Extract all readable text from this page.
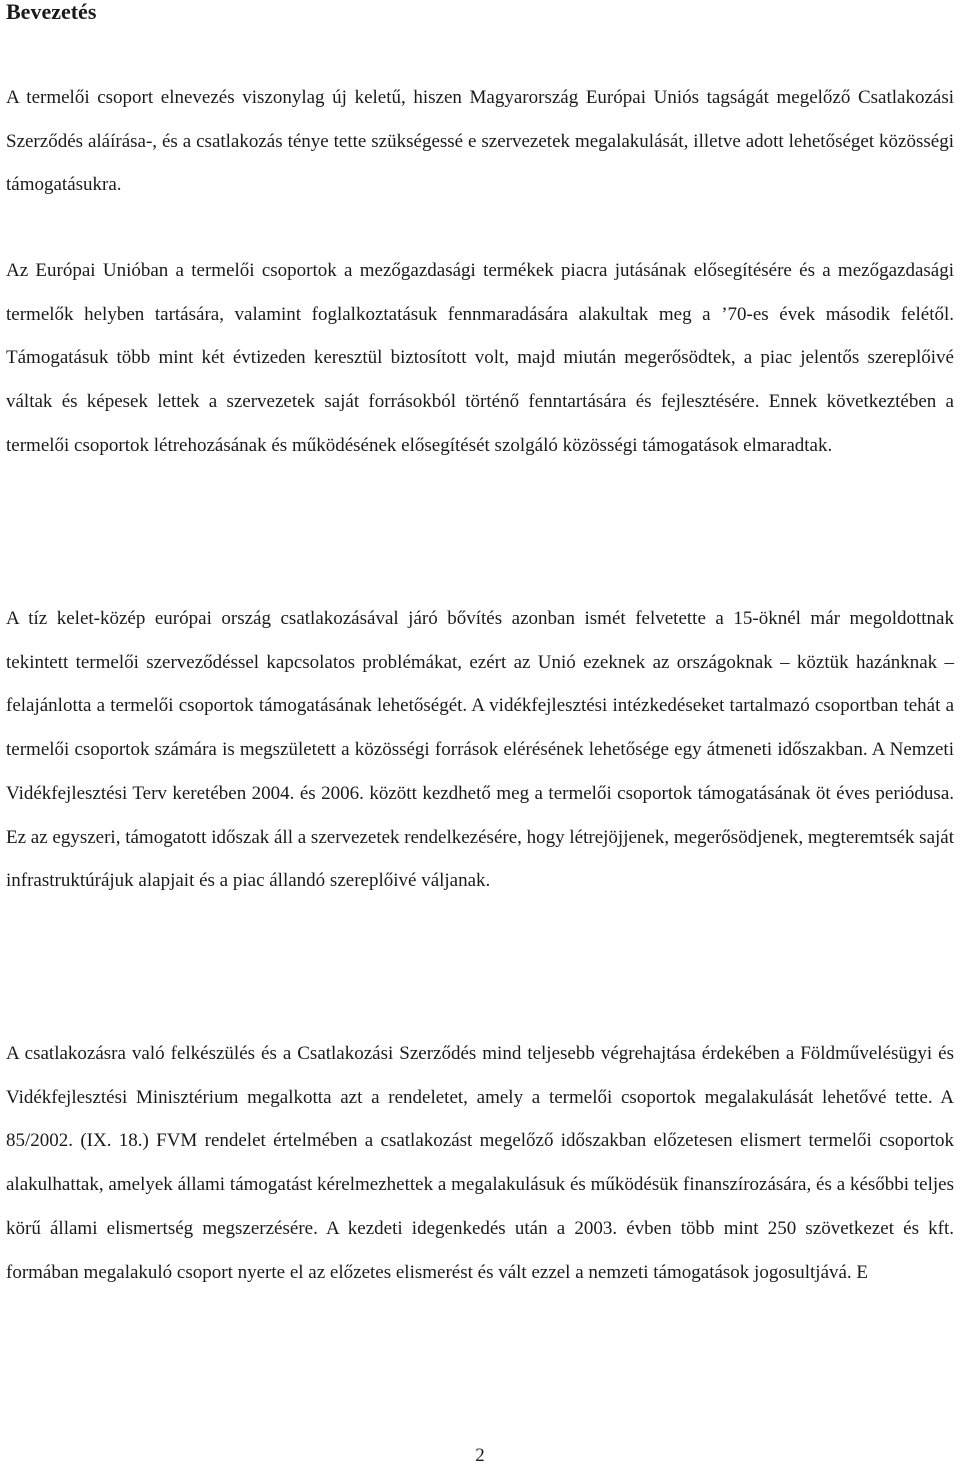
Bevezetés

A termelői csoport elnevezés viszonylag új keletű, hiszen Magyarország Európai Uniós tagságát megelőző Csatlakozási Szerződés aláírása-, és a csatlakozás ténye tette szükségessé e szervezetek megalakulását, illetve adott lehetőséget közösségi támogatásukra.

Az Európai Unióban a termelői csoportok a mezőgazdasági termékek piacra jutásának elősegítésére és a mezőgazdasági termelők helyben tartására, valamint foglalkoztatásuk fennmaradására alakultak meg a ’70-es évek második felétől. Támogatásuk több mint két évtizeden keresztül biztosított volt, majd miután megerősödtek, a piac jelentős szereplőivé váltak és képesek lettek a szervezetek saját forrásokból történő fenntartására és fejlesztésére. Ennek következtében a termelői csoportok létrehozásának és működésének elősegítését szolgáló közösségi támogatások elmaradtak.

A tíz kelet-közép európai ország csatlakozásával járó bővítés azonban ismét felvetette a 15-öknél már megoldottnak tekintett termelői szerveződéssel kapcsolatos problémákat, ezért az Unió ezeknek az országoknak – köztük hazánknak – felajánlotta a termelői csoportok támogatásának lehetőségét. A vidékfejlesztési intézkedéseket tartalmazó csoportban tehát a termelői csoportok számára is megszületett a közösségi források elérésének lehetősége egy átmeneti időszakban. A Nemzeti Vidékfejlesztési Terv keretében 2004. és 2006. között kezdhető meg a termelői csoportok támogatásának öt éves periódusa. Ez az egyszeri, támogatott időszak áll a szervezetek rendelkezésére, hogy létrejöjjenek, megerősödjenek, megteremtsék saját infrastruktúrájuk alapjait és a piac állandó szereplőivé váljanak.

A csatlakozásra való felkészülés és a Csatlakozási Szerződés mind teljesebb végrehajtása érdekében a Földművelésügyi és Vidékfejlesztési Minisztérium megalkotta azt a rendeletet, amely a termelői csoportok megalakulását lehetővé tette. A 85/2002. (IX. 18.) FVM rendelet értelmében a csatlakozást megelőző időszakban előzetesen elismert termelői csoportok alakulhattak, amelyek állami támogatást kérelmezhettek a megalakulásuk és működésük finanszírozására, és a későbbi teljes körű állami elismertség megszerzésére. A kezdeti idegenkedés után a 2003. évben több mint 250 szövetkezet és kft. formában megalakuló csoport nyerte el az előzetes elismerést és vált ezzel a nemzeti támogatások jogosultjává. E

2
